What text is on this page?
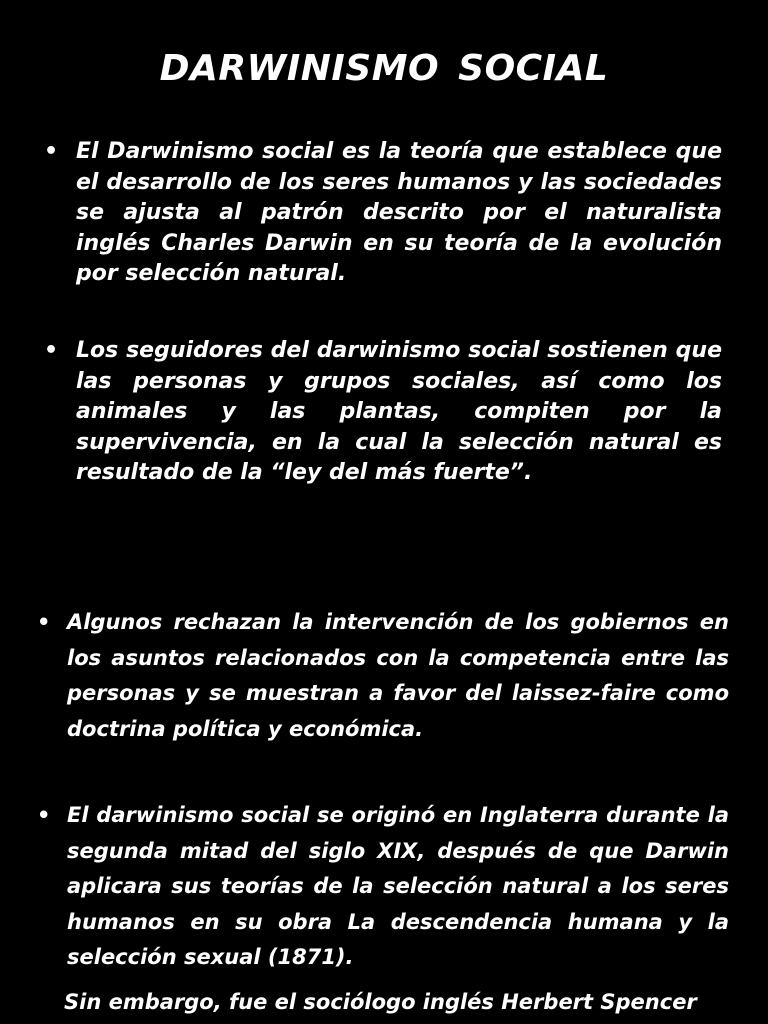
DARWINISMO SOCIAL
• El Darwinismo social es la teoría que establece que el desarrollo de los seres humanos y las sociedades se ajusta al patrón descrito por el naturalista inglés Charles Darwin en su teoría de la evolución por selección natural.
• Los seguidores del darwinismo social sostienen que las personas y grupos sociales, así como los animales y las plantas, compiten por la supervivencia, en la cual la selección natural es resultado de la “ley del más fuerte”.
• Algunos rechazan la intervención de los gobiernos en los asuntos relacionados con la competencia entre las personas y se muestran a favor del laissez-faire como doctrina política y económica.
• El darwinismo social se originó en Inglaterra durante la segunda mitad del siglo XIX, después de que Darwin aplicara sus teorías de la selección natural a los seres humanos en su obra La descendencia humana y la selección sexual (1871).
Sin embargo, fue el sociólogo inglés Herbert Spencer
